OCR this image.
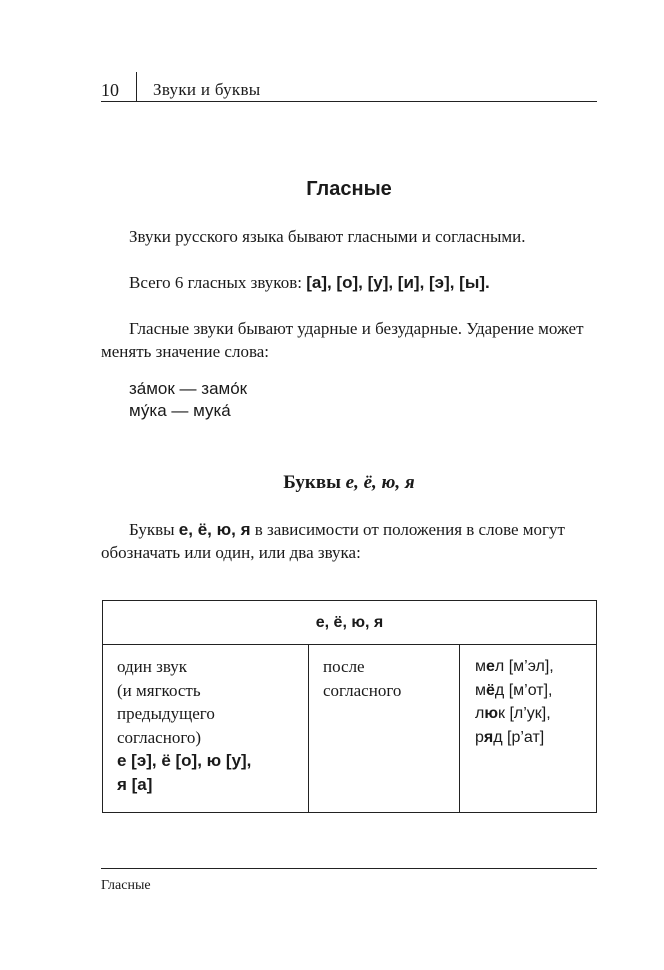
10 Звуки и буквы
Гласные
Звуки русского языка бывают гласными и согласными.
Всего 6 гласных звуков: [а], [о], [у], [и], [э], [ы].
Гласные звуки бывают ударные и безударные. Ударение может менять значение слова:
за́мок — замо́к
му́ка — мука́
Буквы е, ё, ю, я
Буквы е, ё, ю, я в зависимости от положения в слове могут обозначать или один, или два звука:
е, ё, ю, я
один звук
(и мягкость
предыдущего
согласного)
е [э], ё [о], ю [у],
я [а]
после
согласного
мел [м’эл],
мёд [м’от],
люк [л’ук],
ряд [р’ат]
Гласные
